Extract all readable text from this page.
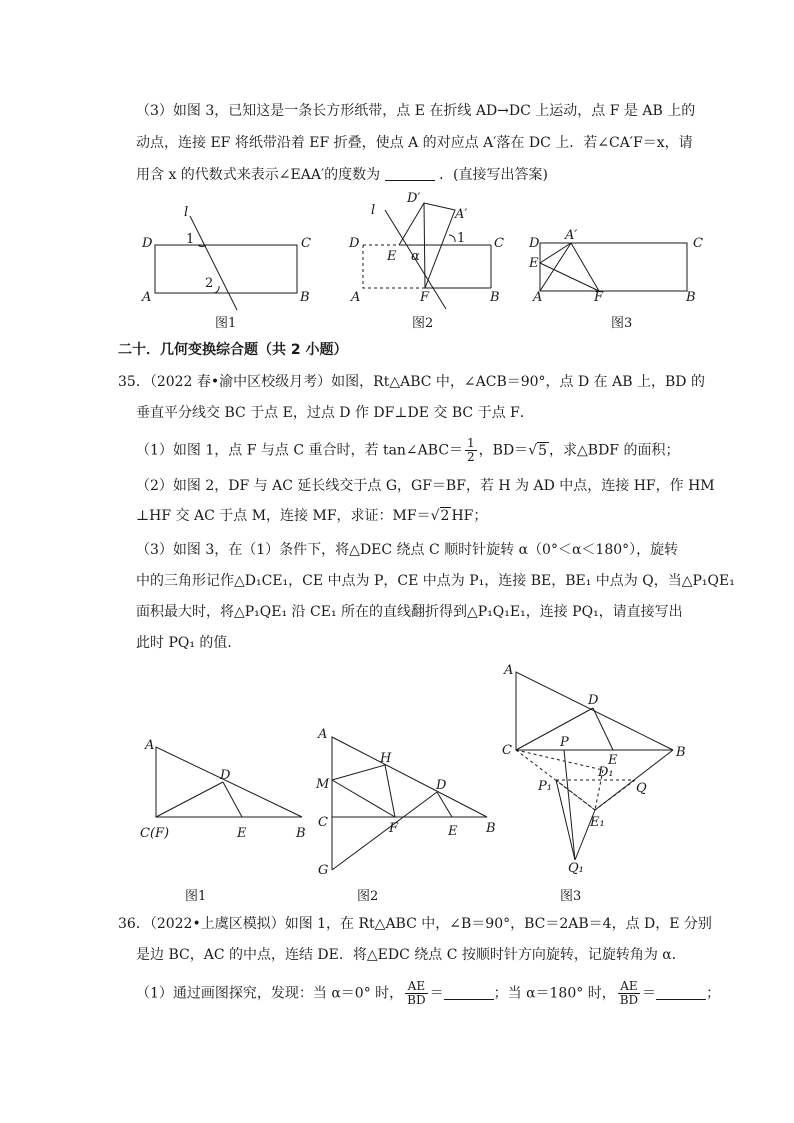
（3）如图 3，已知这是一条长方形纸带，点 E 在折线 AD→DC 上运动，点 F 是 AB 上的
动点，连接 EF 将纸带沿着 EF 折叠，使点 A 的对应点 A′落在 DC 上．若∠CA′F＝x，请
用含 x 的代数式来表示∠EAA′的度数为	．(直接写出答案)
l
D	C
A	B
1
2
图1
l
D′
A′
D	C
E α
1
A	F	B
图2
D
A′
C
E
A	F	B
图3
二十．几何变换综合题（共 2 小题）
35．（2022 春•渝中区校级月考）如图，Rt△ABC 中，∠ACB＝90°，点 D 在 AB 上，BD 的
垂直平分线交 BC 于点 E，过点 D 作 DF⊥DE 交 BC 于点 F．
（1）如图 1，点 F 与点 C 重合时，若 tan∠ABC＝ $\frac{1}{2}$ ，BD＝√5 ，求△BDF 的面积；
（2）如图 2，DF 与 AC 延长线交于点 G，GF＝BF，若 H 为 AD 中点，连接 HF，作 HM
⊥HF 交 AC 于点 M，连接 MF，求证：MF＝√2 HF；
（3）如图 3，在（1）条件下，将△DEC 绕点 C 顺时针旋转 α（0°＜α＜180°），旋转
中的三角形记作△D₁CE₁，CE 中点为 P，CE 中点为 P₁，连接 BE，BE₁ 中点为 Q，当△P₁QE₁
面积最大时，将△P₁QE₁ 沿 CE₁ 所在的直线翻折得到△P₁Q₁E₁，连接 PQ₁，请直接写出
此时 PQ₁ 的值．
A
D
C(F)	E	B
图1
A
H
M	D
C	F	E B
G
图2
A
D
C
P
E
B
D₁
P₁	Q
E₁
Q₁
图3
36．（2022•上虞区模拟）如图 1，在 Rt△ABC 中，∠B＝90°，BC＝2AB＝4，点 D，E 分别
是边 BC，AC 的中点，连结 DE．将△EDC 绕点 C 按顺时针方向旋转，记旋转角为 α．
（1）通过画图探究，发现：当 α＝0° 时， $\frac{AE}{BD}$ ＝	；当 α＝180° 时， $\frac{AE}{BD}$ ＝	；
